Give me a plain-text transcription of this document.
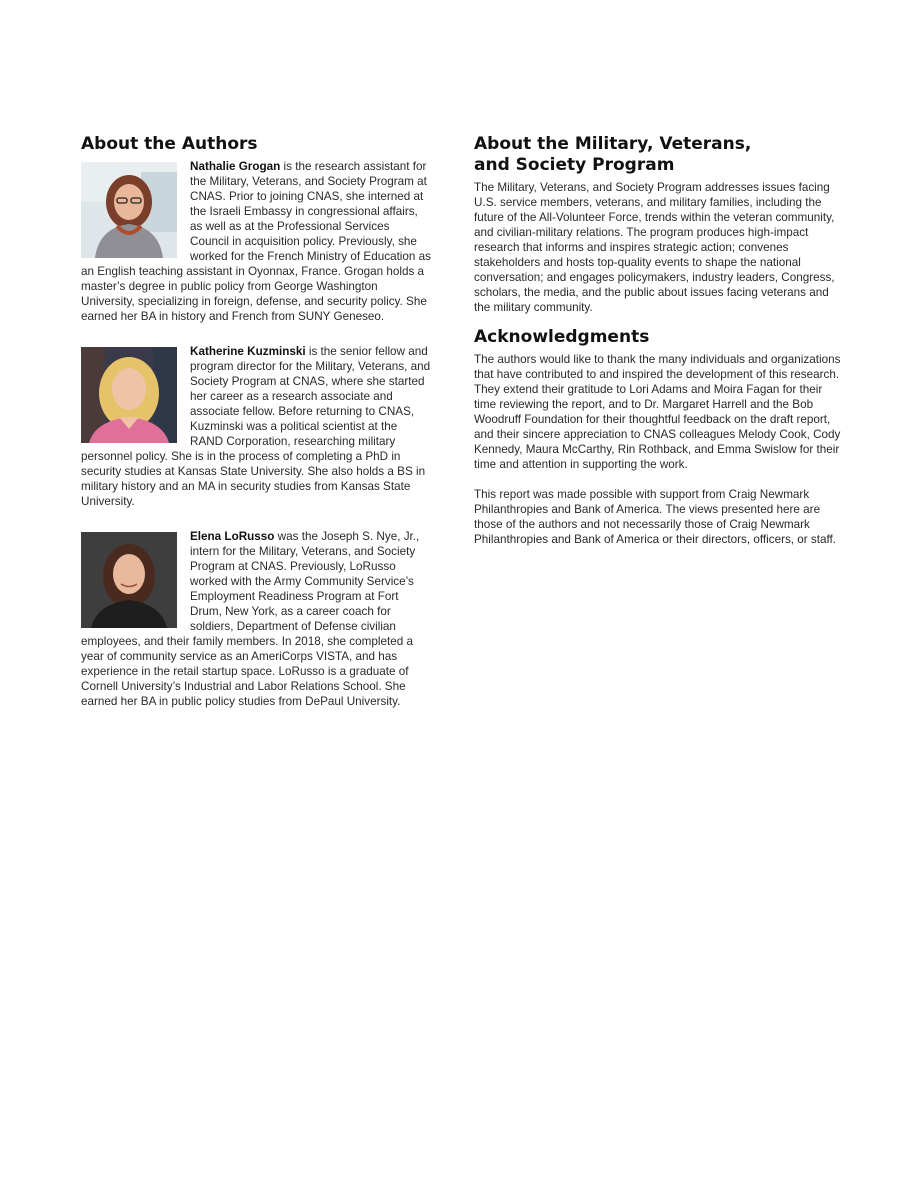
About the Authors

Nathalie Grogan is the research assistant for the Military, Veterans, and Society Program at CNAS. Prior to joining CNAS, she interned at the Israeli Embassy in congressional affairs, as well as at the Professional Services Council in acquisition policy. Previously, she worked for the French Ministry of Education as an English teaching assistant in Oyonnax, France. Grogan holds a master’s degree in public policy from George Washington University, specializing in foreign, defense, and security policy. She earned her BA in history and French from SUNY Geneseo.

Katherine Kuzminski is the senior fellow and program director for the Military, Veterans, and Society Program at CNAS, where she started her career as a research associate and associate fellow. Before returning to CNAS, Kuzminski was a political scientist at the RAND Corporation, researching military personnel policy. She is in the process of completing a PhD in security studies at Kansas State University. She also holds a BS in military history and an MA in security studies from Kansas State University.

Elena LoRusso was the Joseph S. Nye, Jr., intern for the Military, Veterans, and Society Program at CNAS. Previously, LoRusso worked with the Army Community Service’s Employment Readiness Program at Fort Drum, New York, as a career coach for soldiers, Department of Defense civilian employees, and their family members. In 2018, she completed a year of community service as an AmeriCorps VISTA, and has experience in the retail startup space. LoRusso is a graduate of Cornell University’s Industrial and Labor Relations School. She earned her BA in public policy studies from DePaul University.

About the Military, Veterans, and Society Program

The Military, Veterans, and Society Program addresses issues facing U.S. service members, veterans, and military families, including the future of the All-Volunteer Force, trends within the veteran community, and civilian-military relations. The program produces high-impact research that informs and inspires strategic action; convenes stakeholders and hosts top-quality events to shape the national conversation; and engages policymakers, industry leaders, Congress, scholars, the media, and the public about issues facing veterans and the military community.

Acknowledgments

The authors would like to thank the many individuals and organizations that have contributed to and inspired the development of this research. They extend their gratitude to Lori Adams and Moira Fagan for their time reviewing the report, and to Dr. Margaret Harrell and the Bob Woodruff Foundation for their thoughtful feedback on the draft report, and their sincere appreciation to CNAS colleagues Melody Cook, Cody Kennedy, Maura McCarthy, Rin Rothback, and Emma Swislow for their time and attention in supporting the work.

This report was made possible with support from Craig Newmark Philanthropies and Bank of America. The views presented here are those of the authors and not necessarily those of Craig Newmark Philanthropies and Bank of America or their directors, officers, or staff.
